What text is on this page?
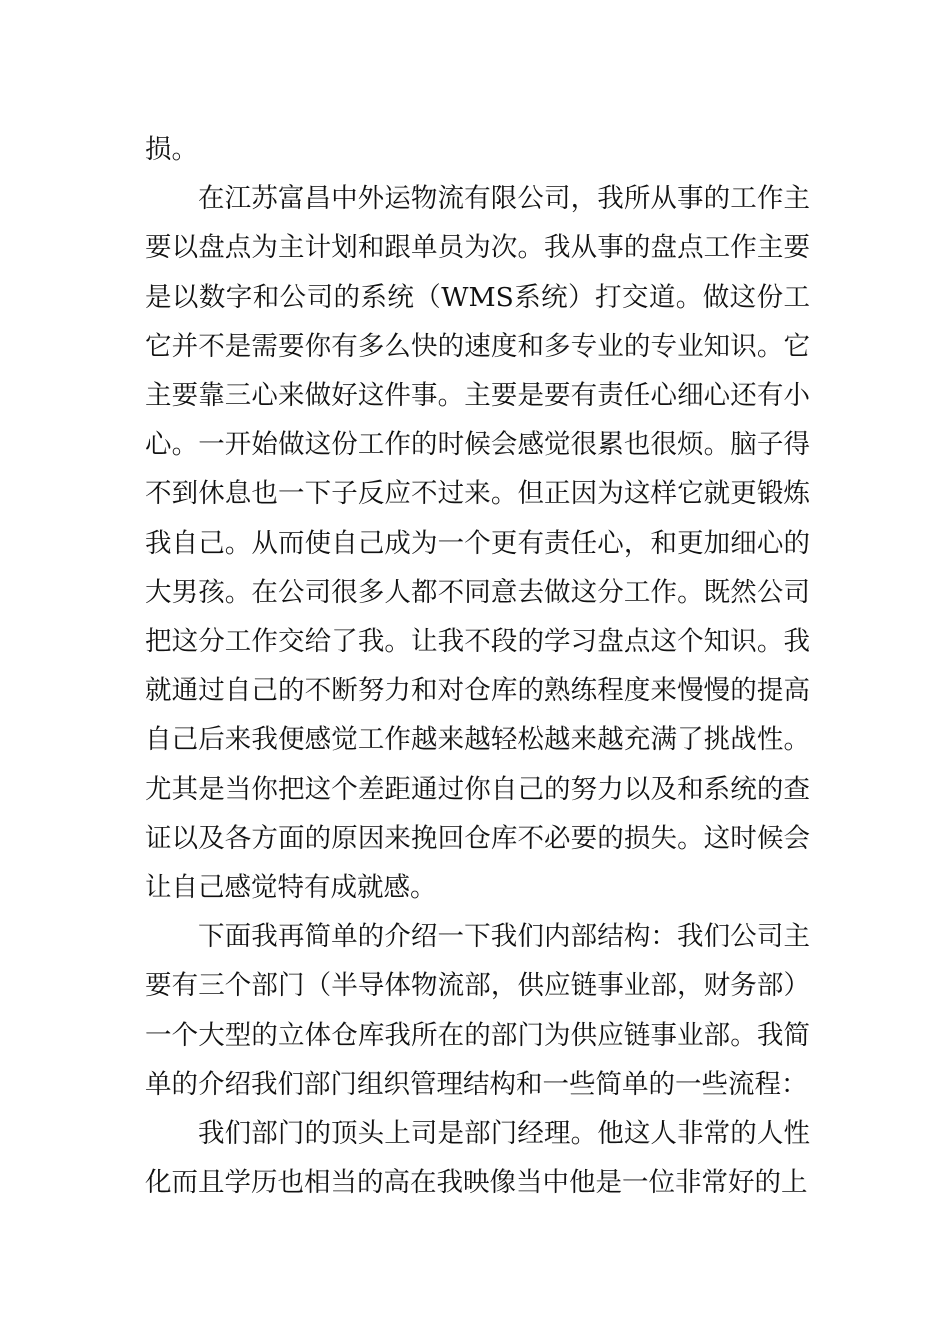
损。

在江苏富昌中外运物流有限公司，我所从事的工作主要以盘点为主计划和跟单员为次。我从事的盘点工作主要是以数字和公司的系统（WMS系统）打交道。做这份工它并不是需要你有多么快的速度和多专业的专业知识。它主要靠三心来做好这件事。主要是要有责任心细心还有小心。一开始做这份工作的时候会感觉很累也很烦。脑子得不到休息也一下子反应不过来。但正因为这样它就更锻炼我自己。从而使自己成为一个更有责任心，和更加细心的大男孩。在公司很多人都不同意去做这分工作。既然公司把这分工作交给了我。让我不段的学习盘点这个知识。我就通过自己的不断努力和对仓库的熟练程度来慢慢的提高自己后来我便感觉工作越来越轻松越来越充满了挑战性。尤其是当你把这个差距通过你自己的努力以及和系统的查证以及各方面的原因来挽回仓库不必要的损失。这时候会让自己感觉特有成就感。

下面我再简单的介绍一下我们内部结构：我们公司主要有三个部门（半导体物流部，供应链事业部，财务部）一个大型的立体仓库我所在的部门为供应链事业部。我简单的介绍我们部门组织管理结构和一些简单的一些流程：

我们部门的顶头上司是部门经理。他这人非常的人性化而且学历也相当的高在我映像当中他是一位非常好的上
